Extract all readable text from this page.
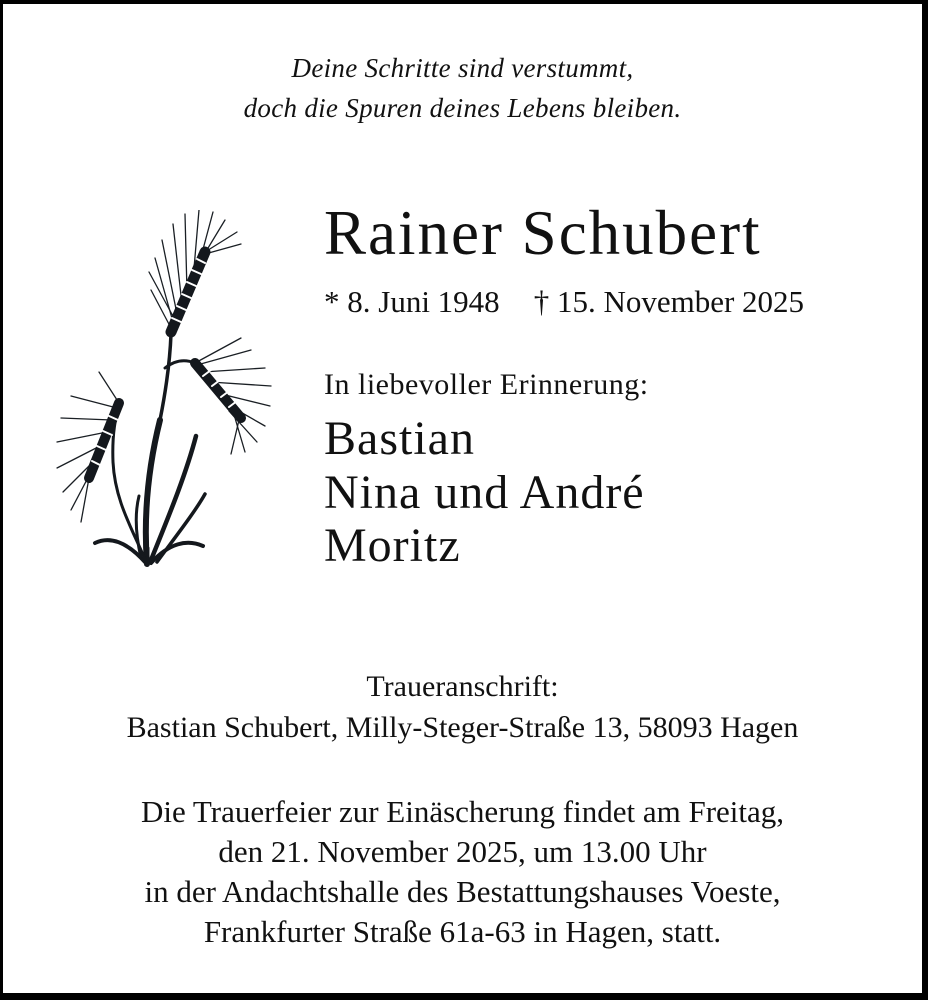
Deine Schritte sind verstummt,
doch die Spuren deines Lebens bleiben.
Rainer Schubert
* 8. Juni 1948 † 15. November 2025
In liebevoller Erinnerung:
Bastian
Nina und André
Moritz
Traueranschrift:
Bastian Schubert, Milly-Steger-Straße 13, 58093 Hagen
Die Trauerfeier zur Einäscherung findet am Freitag,
den 21. November 2025, um 13.00 Uhr
in der Andachtshalle des Bestattungshauses Voeste,
Frankfurter Straße 61a-63 in Hagen, statt.
